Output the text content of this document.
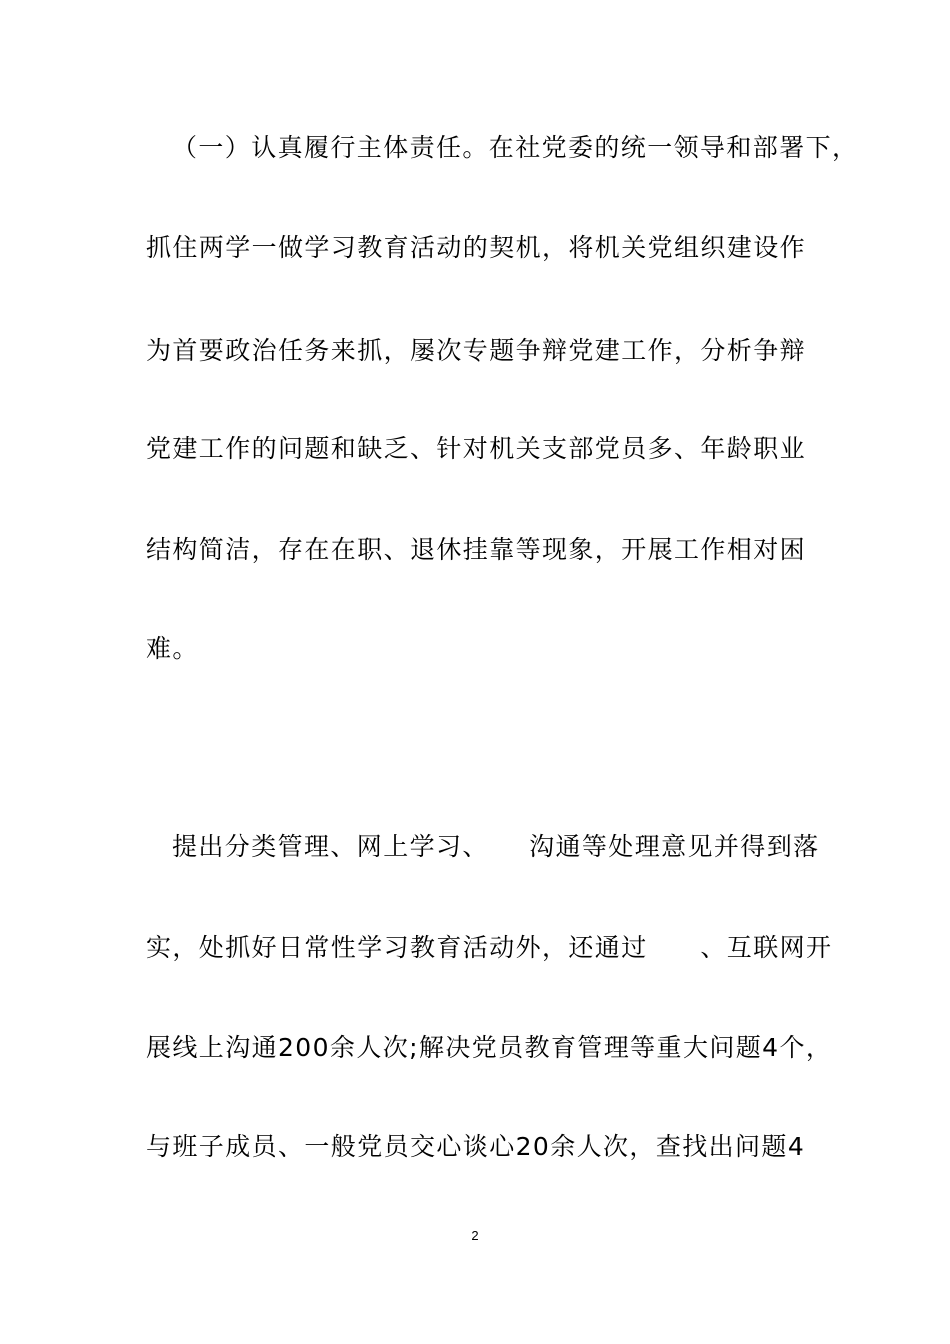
（一）认真履行主体责任。在社党委的统一领导和部署下，
抓住两学一做学习教育活动的契机，将机关党组织建设作
为首要政治任务来抓，屡次专题争辩党建工作，分析争辩
党建工作的问题和缺乏、针对机关支部党员多、年龄职业
结构简洁，存在在职、退休挂靠等现象，开展工作相对困
难。
提出分类管理、网上学习、　　沟通等处理意见并得到落
实，处抓好日常性学习教育活动外，还通过　　、互联网开
展线上沟通200余人次;解决党员教育管理等重大问题4个，
与班子成员、一般党员交心谈心20余人次，查找出问题4
2
